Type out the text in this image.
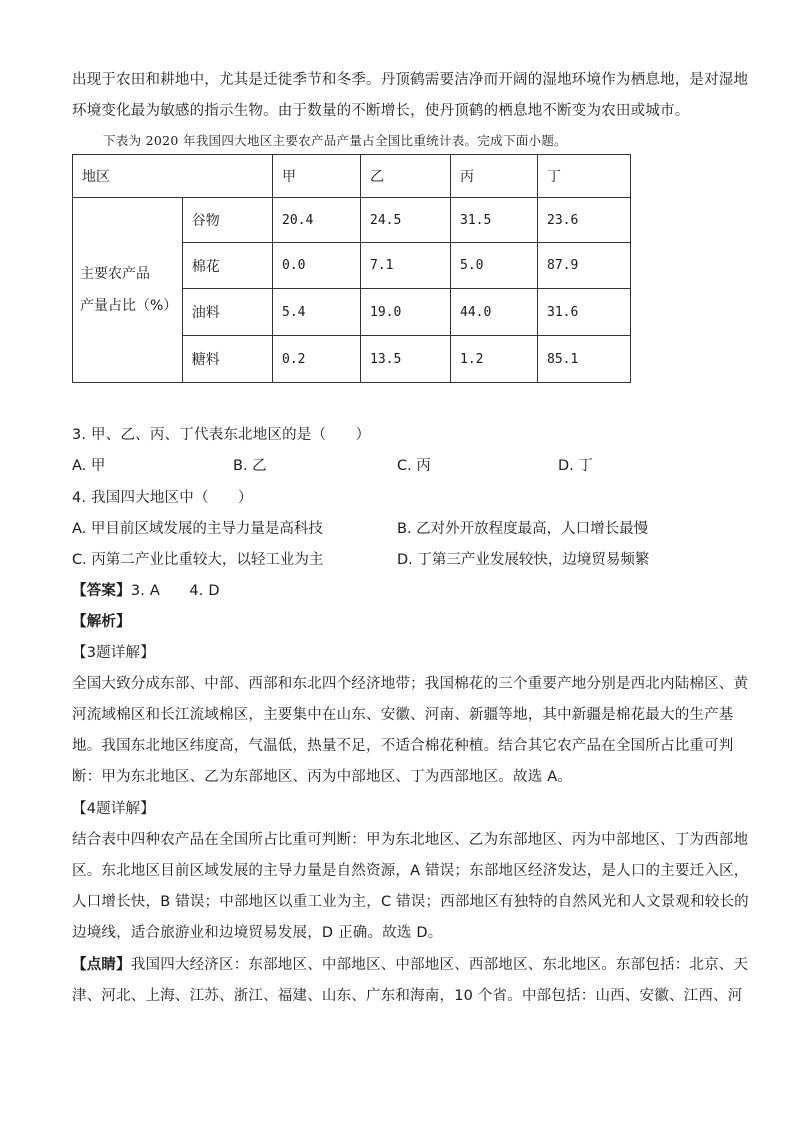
出现于农田和耕地中，尤其是迁徙季节和冬季。丹顶鹤需要洁净而开阔的湿地环境作为栖息地，是对湿地
环境变化最为敏感的指示生物。由于数量的不断增长，使丹顶鹤的栖息地不断变为农田或城市。
下表为 2020 年我国四大地区主要农产品产量占全国比重统计表。完成下面小题。
地区		甲	乙	丙	丁

主要农产品
产量占比（%）	谷物	20.4	24.5	31.5	23.6
	棉花	0.0	7.1	5.0	87.9
	油料	5.4	19.0	44.0	31.6
	糖料	0.2	13.5	1.2	85.1
3. 甲、乙、丙、丁代表东北地区的是（　　）
A. 甲	B. 乙	C. 丙	D. 丁
4. 我国四大地区中（　　）
A. 甲目前区域发展的主导力量是高科技	B. 乙对外开放程度最高，人口增长最慢
C. 丙第二产业比重较大，以轻工业为主	D. 丁第三产业发展较快，边境贸易频繁
【答案】3. A　　4. D
【解析】
【3题详解】
全国大致分成东部、中部、西部和东北四个经济地带；我国棉花的三个重要产地分别是西北内陆棉区、黄
河流域棉区和长江流域棉区，主要集中在山东、安徽、河南、新疆等地，其中新疆是棉花最大的生产基
地。我国东北地区纬度高，气温低，热量不足，不适合棉花种植。结合其它农产品在全国所占比重可判
断：甲为东北地区、乙为东部地区、丙为中部地区、丁为西部地区。故选 A。
【4题详解】
结合表中四种农产品在全国所占比重可判断：甲为东北地区、乙为东部地区、丙为中部地区、丁为西部地
区。东北地区目前区域发展的主导力量是自然资源，A 错误；东部地区经济发达，是人口的主要迁入区，
人口增长快，B 错误；中部地区以重工业为主，C 错误；西部地区有独特的自然风光和人文景观和较长的
边境线，适合旅游业和边境贸易发展，D 正确。故选 D。
【点睛】我国四大经济区：东部地区、中部地区、中部地区、西部地区、东北地区。东部包括：北京、天
津、河北、上海、江苏、浙江、福建、山东、广东和海南，10 个省。中部包括：山西、安徽、江西、河
